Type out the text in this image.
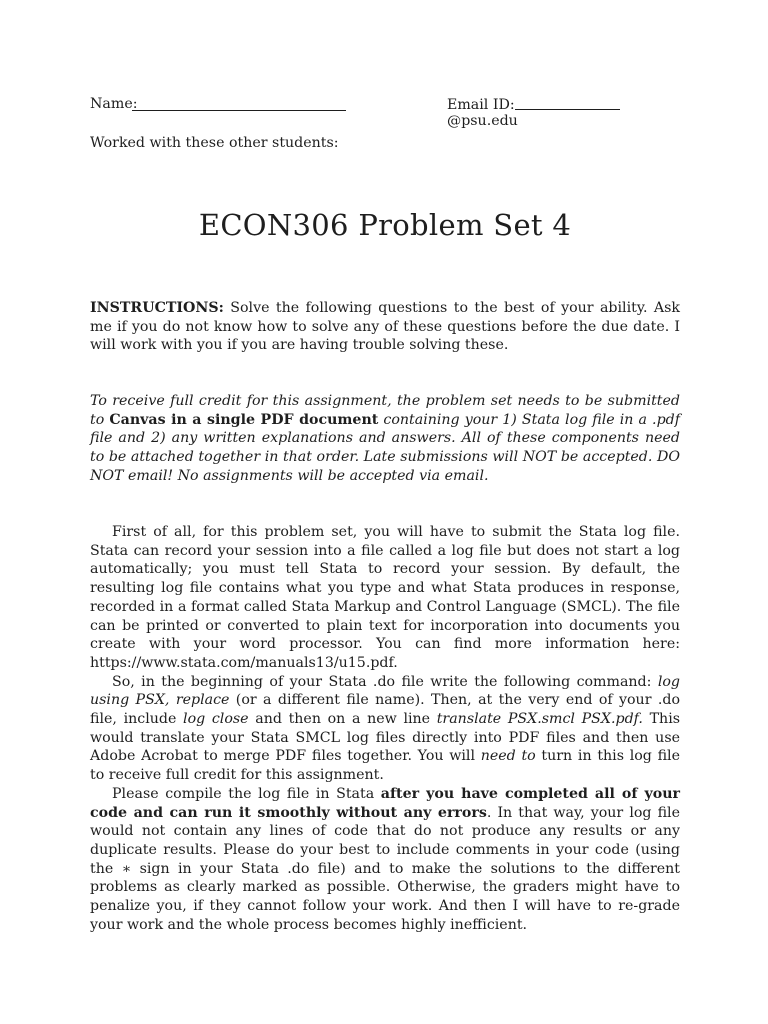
Name:	Email ID:@psu.edu
Worked with these other students:
ECON306 Problem Set 4

INSTRUCTIONS: Solve the following questions to the best of your ability. Ask me if you do not know how to solve any of these questions before the due date. I will work with you if you are having trouble solving these.

To receive full credit for this assignment, the problem set needs to be submitted to Canvas in a single PDF document containing your 1) Stata log file in a .pdf file and 2) any written explanations and answers. All of these components need to be attached together in that order. Late submissions will NOT be accepted. DO NOT email! No assignments will be accepted via email.

First of all, for this problem set, you will have to submit the Stata log file. Stata can record your session into a file called a log file but does not start a log automatically; you must tell Stata to record your session. By default, the resulting log file contains what you type and what Stata produces in response, recorded in a format called Stata Markup and Control Language (SMCL). The file can be printed or converted to plain text for incorporation into documents you create with your word processor. You can find more information here: https://www.stata.com/manuals13/u15.pdf.

So, in the beginning of your Stata .do file write the following command: log using PSX, replace (or a different file name). Then, at the very end of your .do file, include log close and then on a new line translate PSX.smcl PSX.pdf. This would translate your Stata SMCL log files directly into PDF files and then use Adobe Acrobat to merge PDF files together. You will need to turn in this log file to receive full credit for this assignment.

Please compile the log file in Stata after you have completed all of your code and can run it smoothly without any errors. In that way, your log file would not contain any lines of code that do not produce any results or any duplicate results. Please do your best to include comments in your code (using the ∗ sign in your Stata .do file) and to make the solutions to the different problems as clearly marked as possible. Otherwise, the graders might have to penalize you, if they cannot follow your work. And then I will have to re-grade your work and the whole process becomes highly inefficient.
